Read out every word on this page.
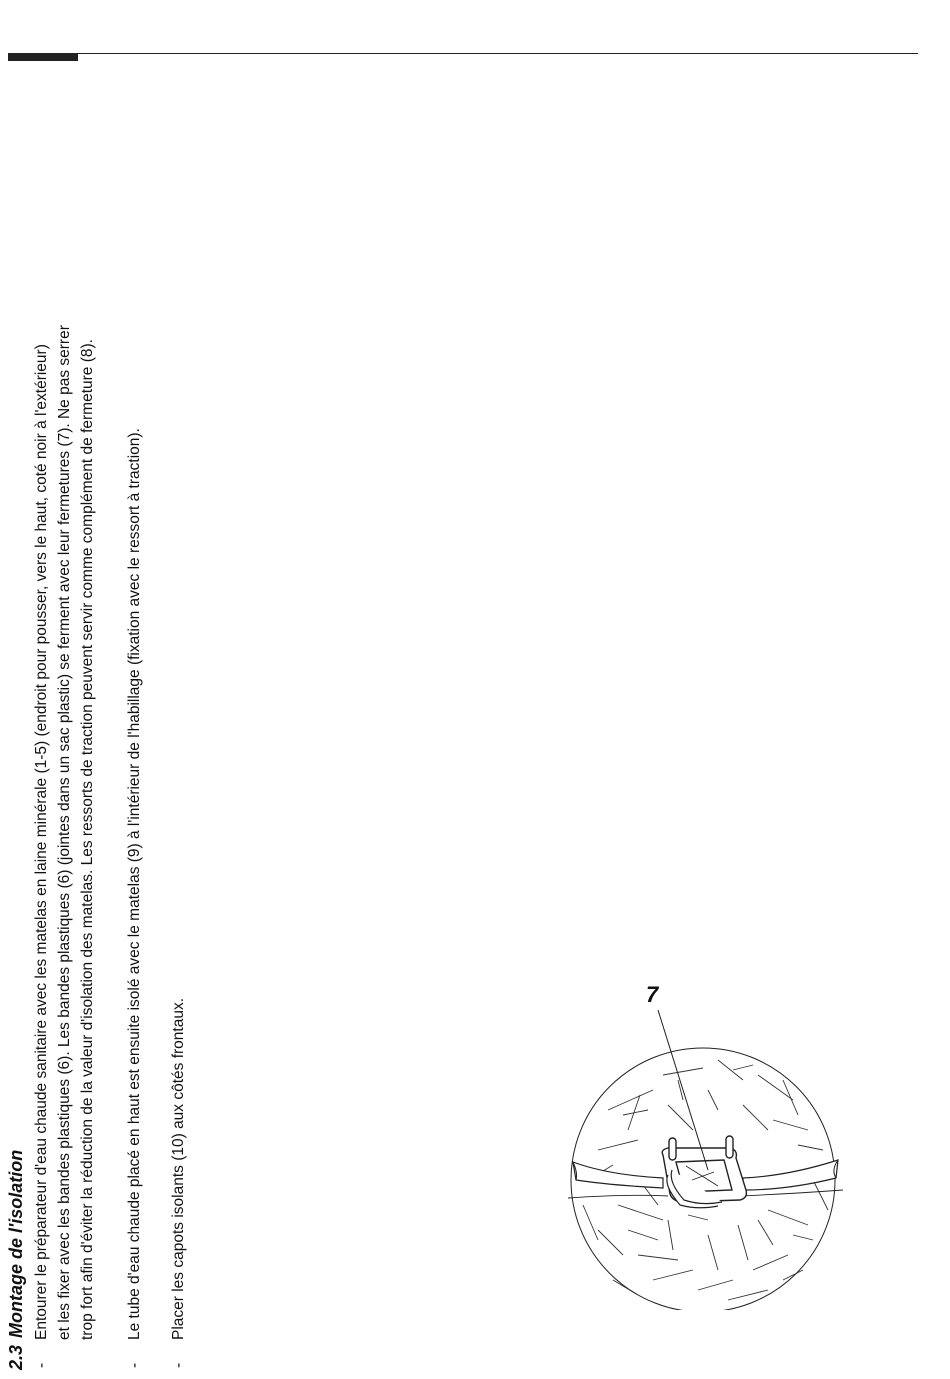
2.3Montage de l'isolation
-
Entourer le préparateur d'eau chaude sanitaire avec les matelas en laine minérale (1-5) (endroit pour pousser, vers le haut, coté noir à l'extérieur) et les fixer avec les bandes plastiques (6). Les bandes plastiques (6) (jointes dans un sac plastic) se ferment avec leur fermetures (7). Ne pas serrer trop fort afin d'éviter la réduction de la valeur d'isolation des matelas. Les ressorts de traction peuvent servir comme complément de fermeture (8).
-
Le tube d'eau chaude placé en haut est ensuite isolé avec le matelas (9) à l'intérieur de l'habillage (fixation avec le ressort à traction).
-
Placer les capots isolants (10) aux côtés frontaux.
7
